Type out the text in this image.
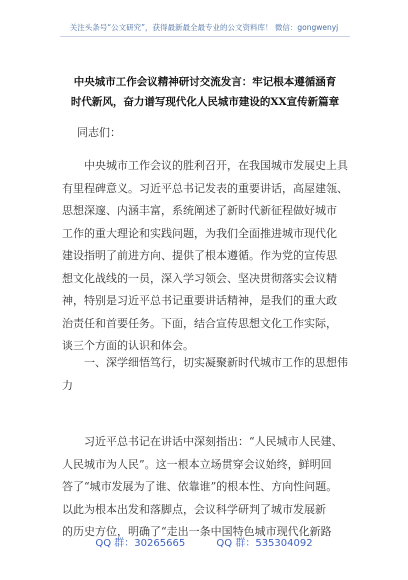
关注头条号“公文研究”，获得最新最全最专业的公文资料库！ 微信：gongwenyj
中央城市工作会议精神研讨交流发言：牢记根本遵循涵育
时代新风，奋力谱写现代化人民城市建设的XX宣传新篇章
同志们：
中央城市工作会议的胜利召开，在我国城市发展史上具
有里程碑意义。习近平总书记发表的重要讲话，高屋建瓴、
思想深邃、内涵丰富，系统阐述了新时代新征程做好城市
工作的重大理论和实践问题，为我们全面推进城市现代化
建设指明了前进方向、提供了根本遵循。作为党的宣传思
想文化战线的一员，深入学习领会、坚决贯彻落实会议精
神，特别是习近平总书记重要讲话精神，是我们的重大政
治责任和首要任务。下面，结合宣传思想文化工作实际，
谈三个方面的认识和体会。
一、深学细悟笃行，切实凝聚新时代城市工作的思想伟
力
习近平总书记在讲话中深刻指出：“人民城市人民建、
人民城市为人民”。这一根本立场贯穿会议始终，鲜明回
答了“城市发展为了谁、依靠谁”的根本性、方向性问题。
以此为根本出发和落脚点，会议科学研判了城市发展新
的历史方位，明确了“走出一条中国特色城市现代化新路
QQ 群：30265665	QQ 群：535304092
